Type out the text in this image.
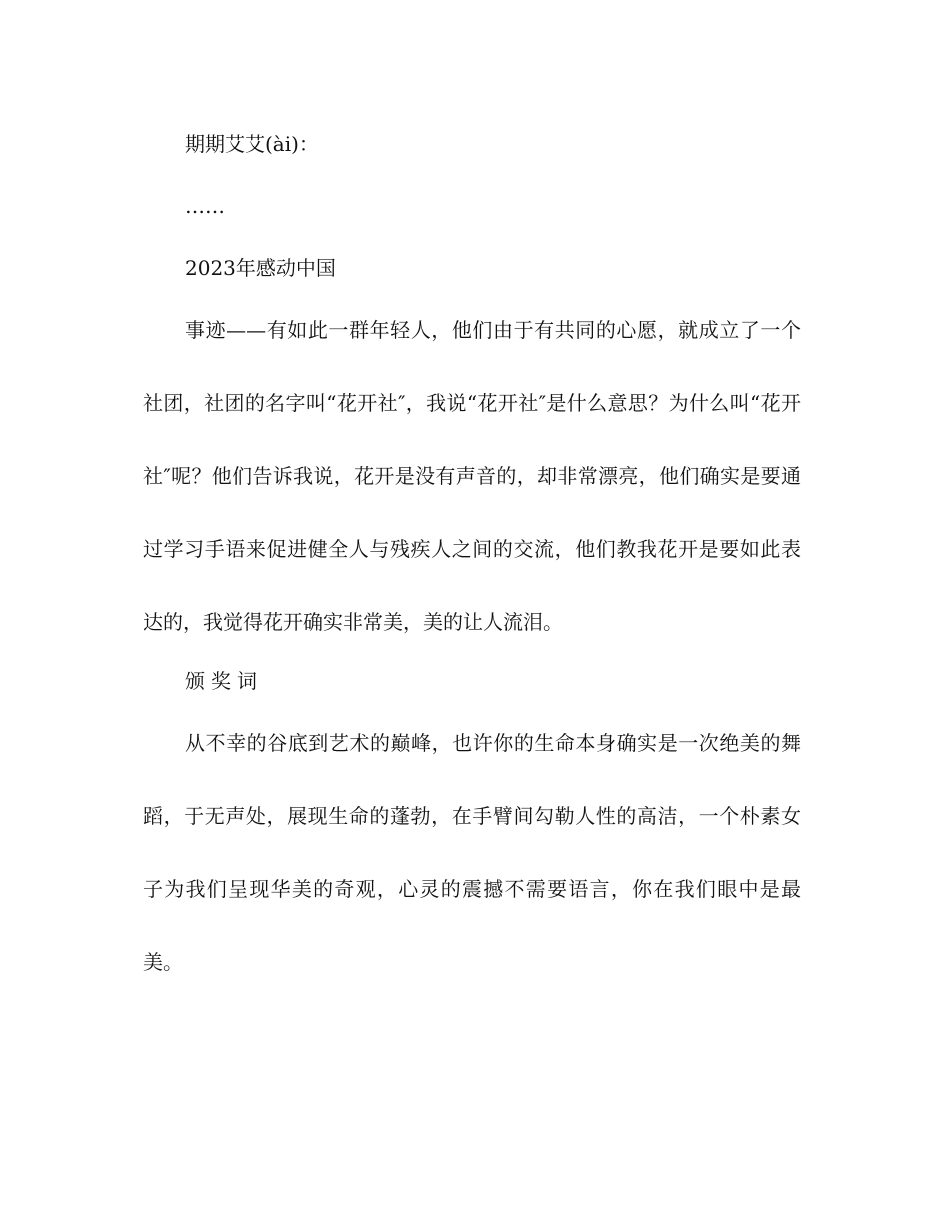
期期艾艾(ài)：

……

2023年感动中国

事迹——有如此一群年轻人，他们由于有共同的心愿，就成立了一个社团，社团的名字叫“花开社″，我说“花开社″是什么意思？为什么叫“花开社″呢？他们告诉我说，花开是没有声音的，却非常漂亮，他们确实是要通过学习手语来促进健全人与残疾人之间的交流，他们教我花开是要如此表达的，我觉得花开确实非常美，美的让人流泪。

颁奖词

从不幸的谷底到艺术的巅峰，也许你的生命本身确实是一次绝美的舞蹈，于无声处，展现生命的蓬勃，在手臂间勾勒人性的高洁，一个朴素女子为我们呈现华美的奇观，心灵的震撼不需要语言，你在我们眼中是最美。
